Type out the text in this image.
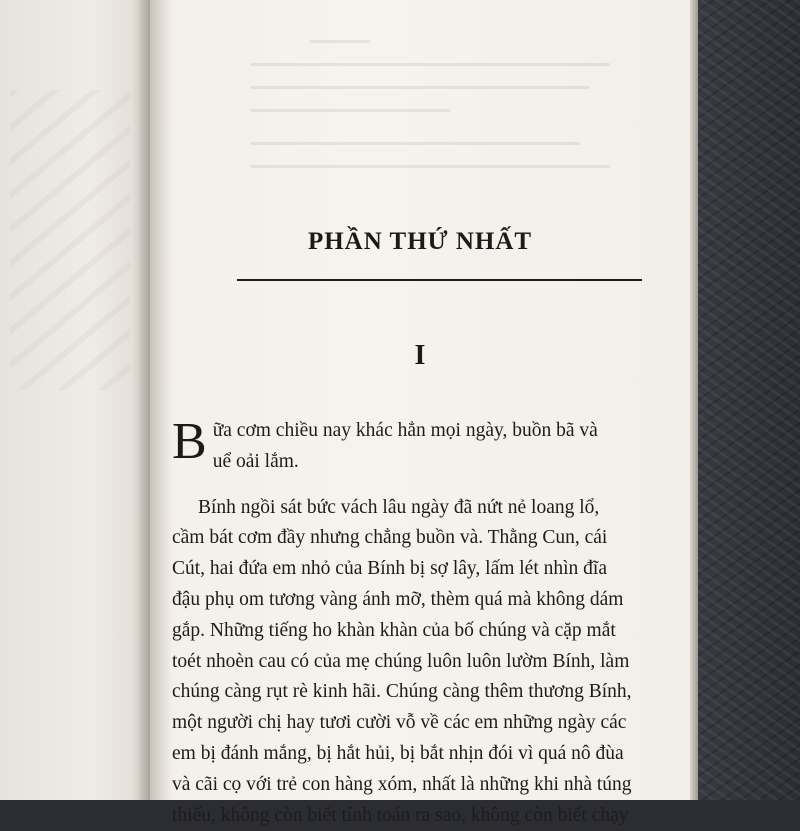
PHẦN THỨ NHẤT
I

B ữa cơm chiều nay khác hẳn mọi ngày, buồn bã và
uể oải lắm.

Bính ngồi sát bức vách lâu ngày đã nứt nẻ loang lổ,
cầm bát cơm đầy nhưng chẳng buồn và. Thằng Cun, cái
Cút, hai đứa em nhỏ của Bính bị sợ lây, lấm lét nhìn đĩa
đậu phụ om tương vàng ánh mỡ, thèm quá mà không dám
gắp. Những tiếng ho khàn khàn của bố chúng và cặp mắt
toét nhoèn cau có của mẹ chúng luôn luôn lườm Bính, làm
chúng càng rụt rè kinh hãi. Chúng càng thêm thương Bính,
một người chị hay tươi cười vỗ về các em những ngày các
em bị đánh mắng, bị hắt hủi, bị bắt nhịn đói vì quá nô đùa
và cãi cọ với trẻ con hàng xóm, nhất là những khi nhà túng
thiếu, không còn biết tính toán ra sao, không còn biết chạy
